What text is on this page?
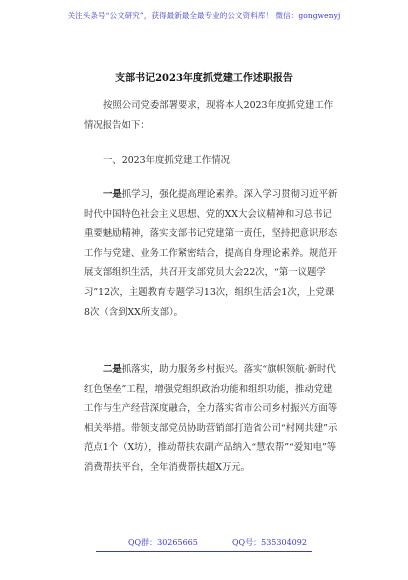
关注头条号“公文研究”，获得最新最全最专业的公文资料库！ 微信：gongwenyj
支部书记2023年度抓党建工作述职报告
按照公司党委部署要求，现将本人2023年度抓党建工作情况报告如下：
一、2023年度抓党建工作情况
一是抓学习，强化提高理论素养。深入学习贯彻习近平新时代中国特色社会主义思想、党的XX大会议精神和习总书记重要魅励精神，落实支部书记党建第一责任，坚持把意识形态工作与党建、业务工作紧密结合，提高自身理论素养。规范开展支部组织生活，共召开支部党员大会22次，“第一议题学习”12次，主题教育专题学习13次，组织生活会1次，上党课8次（含到XX所支部）。
二是抓落实，助力服务乡村振兴。落实“旗帜领航·新时代红色堡垒”工程，增强党组织政治功能和组织功能，推动党建工作与生产经营深度融合，全力落实省市公司乡村振兴方面等相关举措。带领支部党员协助营销部打造省公司“村网共建”示范点1个（X坊），推动帮扶农副产品纳入“慧农帮”“爱知电”等消费帮扶平台，全年消费帮扶超X万元。
QQ群：30265665	QQ号：535304092
